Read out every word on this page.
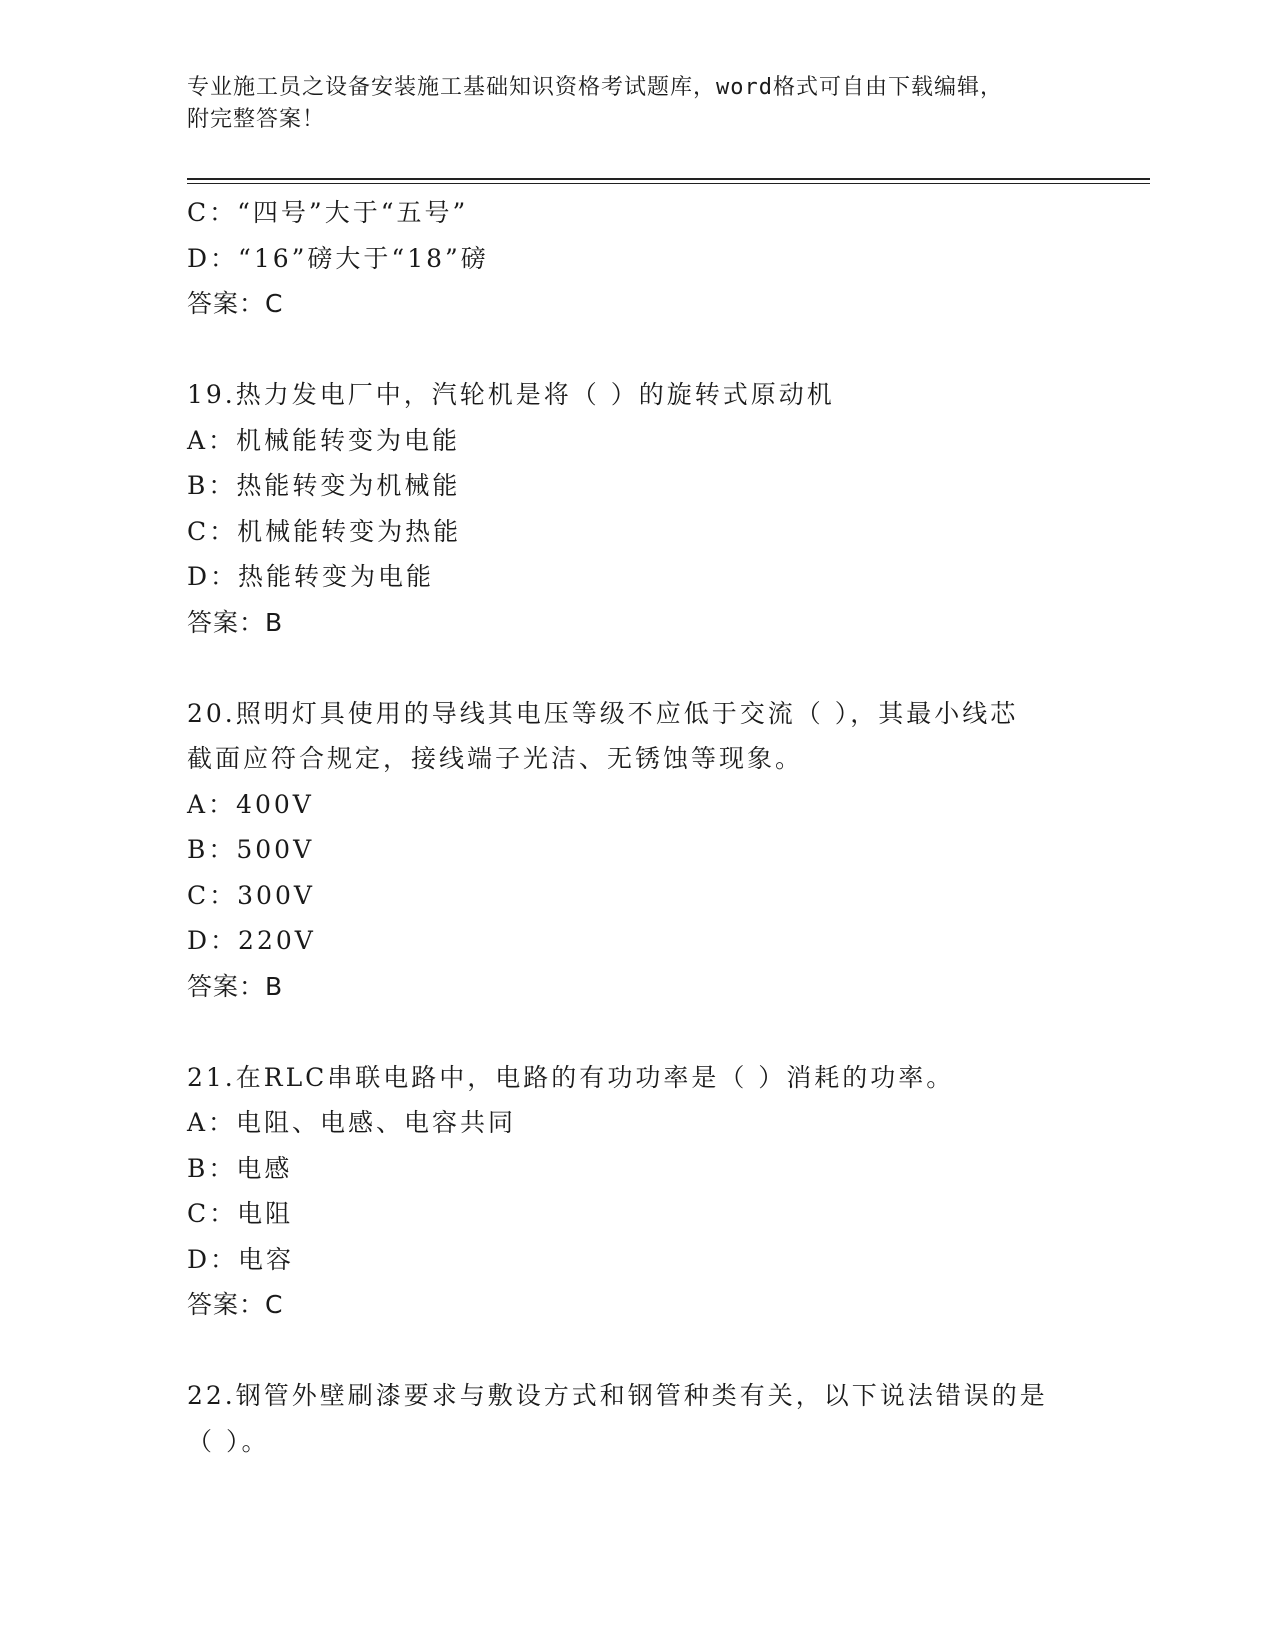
专业施工员之设备安装施工基础知识资格考试题库，word格式可自由下载编辑，
附完整答案！
C：“四号”大于“五号”
D：“16”磅大于“18”磅
答案：C
19.热力发电厂中，汽轮机是将（ ）的旋转式原动机
A：机械能转变为电能
B：热能转变为机械能
C：机械能转变为热能
D：热能转变为电能
答案：B
20.照明灯具使用的导线其电压等级不应低于交流（ ），其最小线芯
截面应符合规定，接线端子光洁、无锈蚀等现象。
A：400V
B：500V
C：300V
D：220V
答案：B
21.在RLC串联电路中，电路的有功功率是（ ）消耗的功率。
A：电阻、电感、电容共同
B：电感
C：电阻
D：电容
答案：C
22.钢管外壁刷漆要求与敷设方式和钢管种类有关，以下说法错误的是
（ ）。
